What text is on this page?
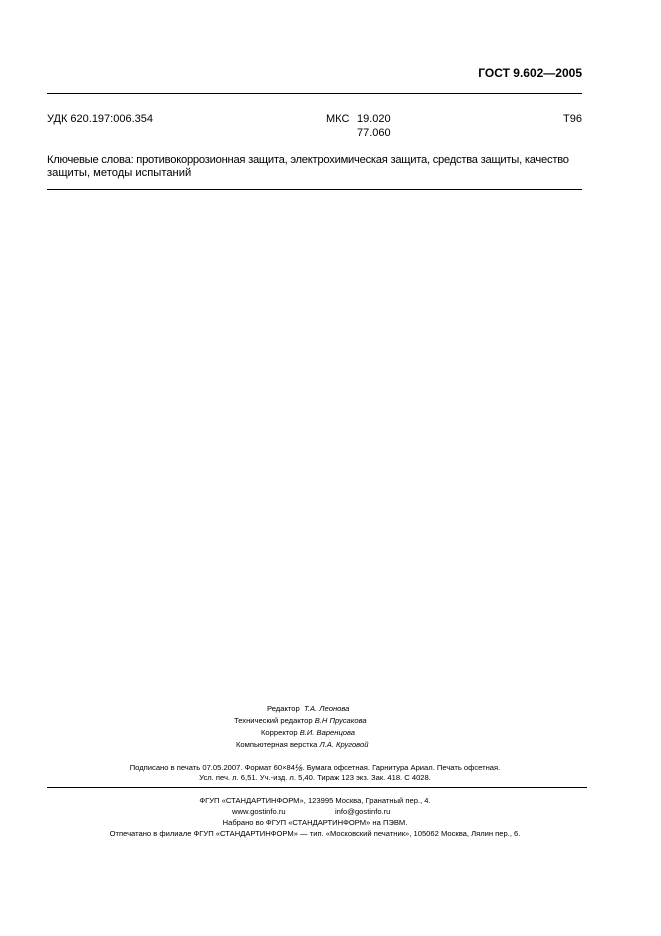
ГОСТ 9.602—2005
УДК 620.197:006.354	МКС 19.020
77.060
Т96
Ключевые слова: противокоррозионная защита, электрохимическая защита, средства защиты, качество
защиты, методы испытаний
Редактор Т.А. Леонова
Технический редактор В.Н Прусакова
Корректор В.И. Варенцова
Компьютерная верстка Л.А. Круговой
Подписано в печать 07.05.2007. Формат 60×84⅛. Бумага офсетная. Гарнитура Ариал. Печать офсетная.
Усл. печ. л. 6,51. Уч.-изд. л. 5,40. Тираж 123 экз. Зак. 418. С 4028.
ФГУП «СТАНДАРТИНФОРМ», 123995 Москва, Гранатный пер., 4.
www.gostinfo.ru	info@gostinfo.ru
Набрано во ФГУП «СТАНДАРТИНФОРМ» на ПЭВМ.
Отпечатано в филиале ФГУП «СТАНДАРТИНФОРМ» — тип. «Московский печатник», 105062 Москва, Лялин пер., 6.
